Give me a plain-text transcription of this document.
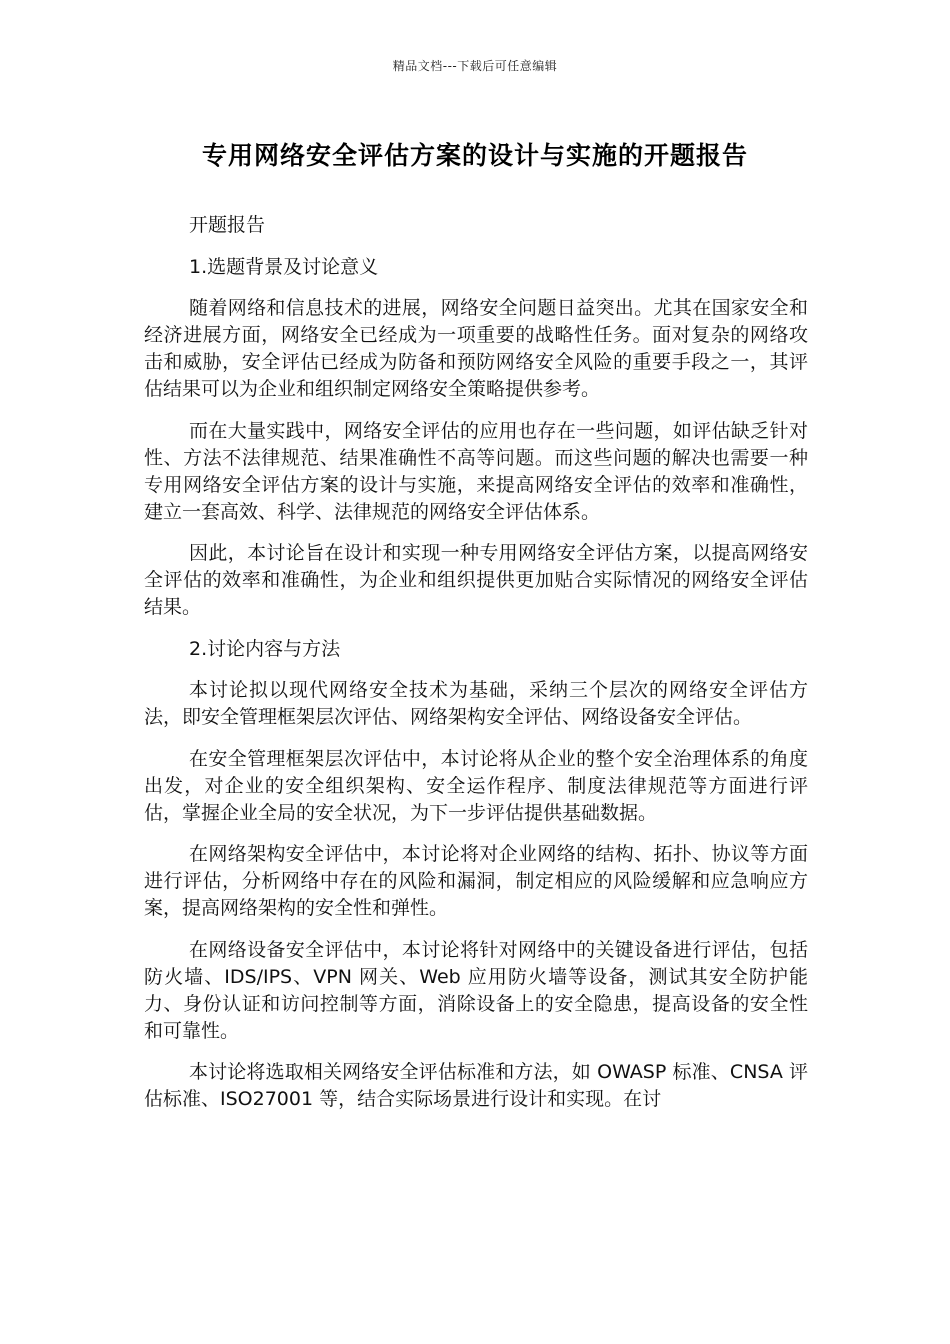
精品文档---下载后可任意编辑
专用网络安全评估方案的设计与实施的开题报告

开题报告

1.选题背景及讨论意义

随着网络和信息技术的进展，网络安全问题日益突出。尤其在国家安全和经济进展方面，网络安全已经成为一项重要的战略性任务。面对复杂的网络攻击和威胁，安全评估已经成为防备和预防网络安全风险的重要手段之一，其评估结果可以为企业和组织制定网络安全策略提供参考。

而在大量实践中，网络安全评估的应用也存在一些问题，如评估缺乏针对性、方法不法律规范、结果准确性不高等问题。而这些问题的解决也需要一种专用网络安全评估方案的设计与实施，来提高网络安全评估的效率和准确性，建立一套高效、科学、法律规范的网络安全评估体系。

因此，本讨论旨在设计和实现一种专用网络安全评估方案，以提高网络安全评估的效率和准确性，为企业和组织提供更加贴合实际情况的网络安全评估结果。

2.讨论内容与方法

本讨论拟以现代网络安全技术为基础，采纳三个层次的网络安全评估方法，即安全管理框架层次评估、网络架构安全评估、网络设备安全评估。

在安全管理框架层次评估中，本讨论将从企业的整个安全治理体系的角度出发，对企业的安全组织架构、安全运作程序、制度法律规范等方面进行评估，掌握企业全局的安全状况，为下一步评估提供基础数据。

在网络架构安全评估中，本讨论将对企业网络的结构、拓扑、协议等方面进行评估，分析网络中存在的风险和漏洞，制定相应的风险缓解和应急响应方案，提高网络架构的安全性和弹性。

在网络设备安全评估中，本讨论将针对网络中的关键设备进行评估，包括防火墙、IDS/IPS、VPN 网关、Web 应用防火墙等设备，测试其安全防护能力、身份认证和访问控制等方面，消除设备上的安全隐患，提高设备的安全性和可靠性。

本讨论将选取相关网络安全评估标准和方法，如 OWASP 标准、CNSA 评估标准、ISO27001 等，结合实际场景进行设计和实现。在讨
